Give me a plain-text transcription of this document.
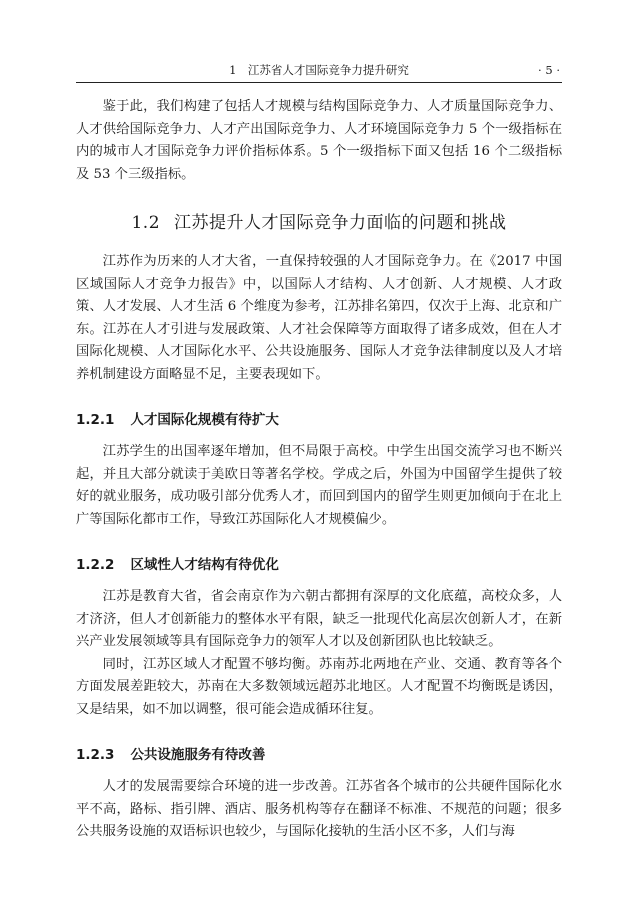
1　江苏省人才国际竞争力提升研究	· 5 ·

鉴于此，我们构建了包括人才规模与结构国际竞争力、人才质量国际竞争力、人才供给国际竞争力、人才产出国际竞争力、人才环境国际竞争力 5 个一级指标在内的城市人才国际竞争力评价指标体系。5 个一级指标下面又包括 16 个二级指标及 53 个三级指标。

1.2 江苏提升人才国际竞争力面临的问题和挑战

江苏作为历来的人才大省，一直保持较强的人才国际竞争力。在《2017 中国区域国际人才竞争力报告》中，以国际人才结构、人才创新、人才规模、人才政策、人才发展、人才生活 6 个维度为参考，江苏排名第四，仅次于上海、北京和广东。江苏在人才引进与发展政策、人才社会保障等方面取得了诸多成效，但在人才国际化规模、人才国际化水平、公共设施服务、国际人才竞争法律制度以及人才培养机制建设方面略显不足，主要表现如下。

1.2.1 人才国际化规模有待扩大

江苏学生的出国率逐年增加，但不局限于高校。中学生出国交流学习也不断兴起，并且大部分就读于美欧日等著名学校。学成之后，外国为中国留学生提供了较好的就业服务，成功吸引部分优秀人才，而回到国内的留学生则更加倾向于在北上广等国际化都市工作，导致江苏国际化人才规模偏少。

1.2.2 区域性人才结构有待优化

江苏是教育大省，省会南京作为六朝古都拥有深厚的文化底蕴，高校众多，人才济济，但人才创新能力的整体水平有限，缺乏一批现代化高层次创新人才，在新兴产业发展领域等具有国际竞争力的领军人才以及创新团队也比较缺乏。

同时，江苏区域人才配置不够均衡。苏南苏北两地在产业、交通、教育等各个方面发展差距较大，苏南在大多数领域远超苏北地区。人才配置不均衡既是诱因，又是结果，如不加以调整，很可能会造成循环往复。

1.2.3 公共设施服务有待改善

人才的发展需要综合环境的进一步改善。江苏省各个城市的公共硬件国际化水平不高，路标、指引牌、酒店、服务机构等存在翻译不标准、不规范的问题；很多公共服务设施的双语标识也较少，与国际化接轨的生活小区不多，人们与海
